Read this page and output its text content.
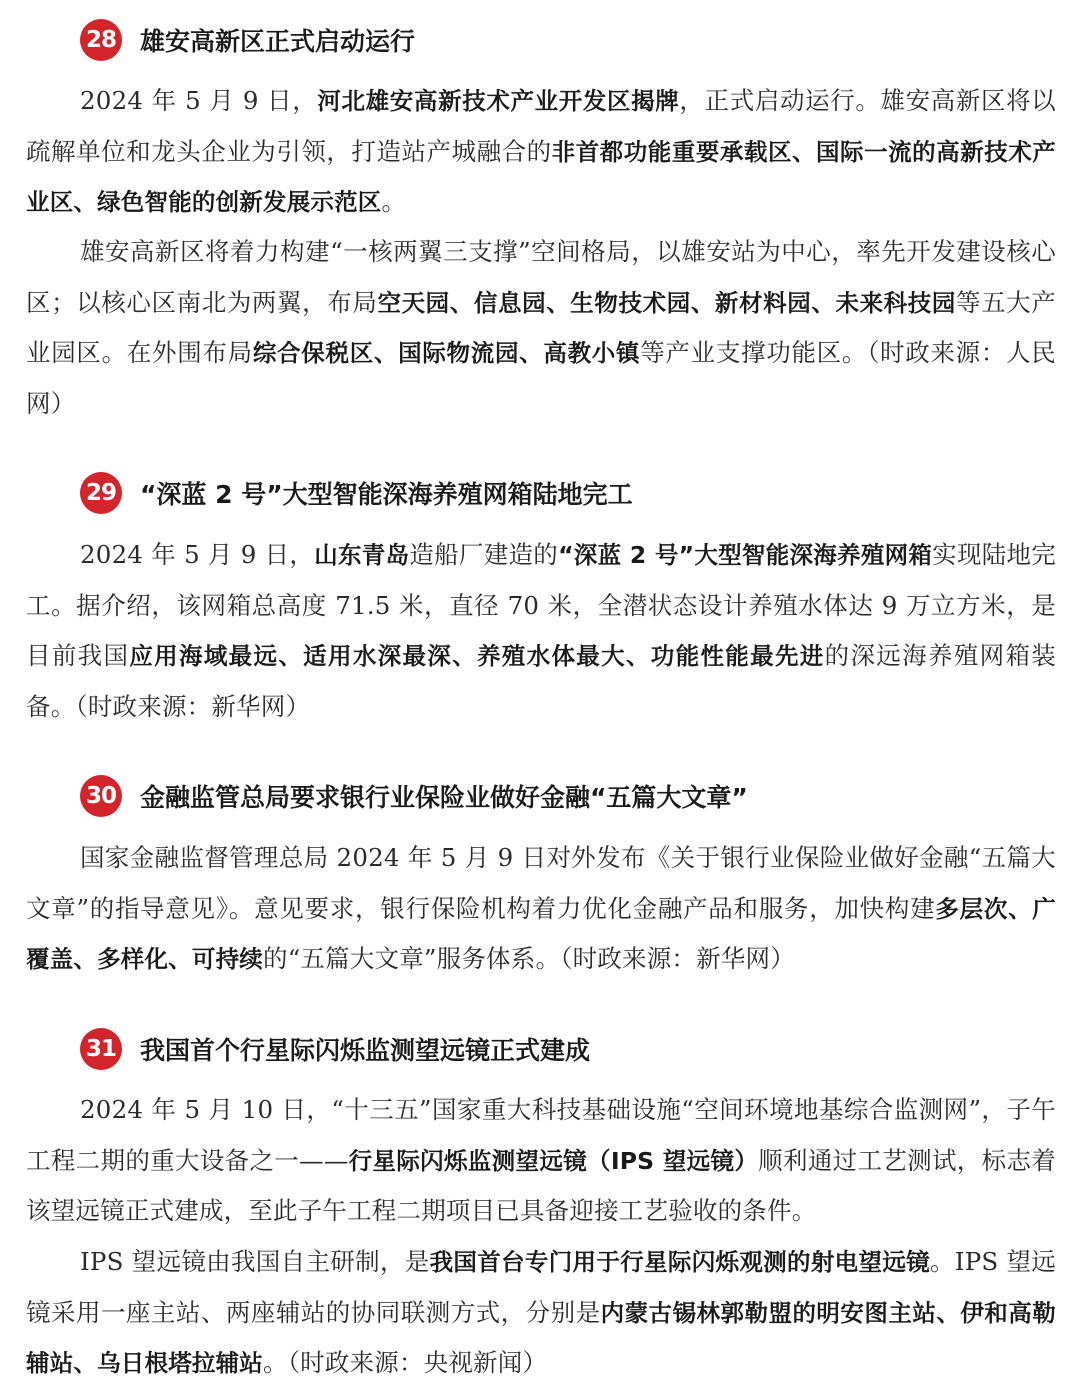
28 雄安高新区正式启动运行
2024 年 5 月 9 日，河北雄安高新技术产业开发区揭牌，正式启动运行。雄安高新区将以疏解单位和龙头企业为引领，打造站产城融合的非首都功能重要承载区、国际一流的高新技术产业区、绿色智能的创新发展示范区。
雄安高新区将着力构建“一核两翼三支撑”空间格局，以雄安站为中心，率先开发建设核心区；以核心区南北为两翼，布局空天园、信息园、生物技术园、新材料园、未来科技园等五大产业园区。在外围布局综合保税区、国际物流园、高教小镇等产业支撑功能区。（时政来源：人民网）
29 “深蓝 2 号”大型智能深海养殖网箱陆地完工
2024 年 5 月 9 日，山东青岛造船厂建造的“深蓝 2 号”大型智能深海养殖网箱实现陆地完工。据介绍，该网箱总高度 71.5 米，直径 70 米，全潜状态设计养殖水体达 9 万立方米，是目前我国应用海域最远、适用水深最深、养殖水体最大、功能性能最先进的深远海养殖网箱装备。（时政来源：新华网）
30 金融监管总局要求银行业保险业做好金融“五篇大文章”
国家金融监督管理总局 2024 年 5 月 9 日对外发布《关于银行业保险业做好金融“五篇大文章”的指导意见》。意见要求，银行保险机构着力优化金融产品和服务，加快构建多层次、广覆盖、多样化、可持续的“五篇大文章”服务体系。（时政来源：新华网）
31 我国首个行星际闪烁监测望远镜正式建成
2024 年 5 月 10 日，“十三五”国家重大科技基础设施“空间环境地基综合监测网”，子午工程二期的重大设备之一——行星际闪烁监测望远镜（IPS 望远镜）顺利通过工艺测试，标志着该望远镜正式建成，至此子午工程二期项目已具备迎接工艺验收的条件。
IPS 望远镜由我国自主研制，是我国首台专门用于行星际闪烁观测的射电望远镜。IPS 望远镜采用一座主站、两座辅站的协同联测方式，分别是内蒙古锡林郭勒盟的明安图主站、伊和高勒辅站、乌日根塔拉辅站。（时政来源：央视新闻）
